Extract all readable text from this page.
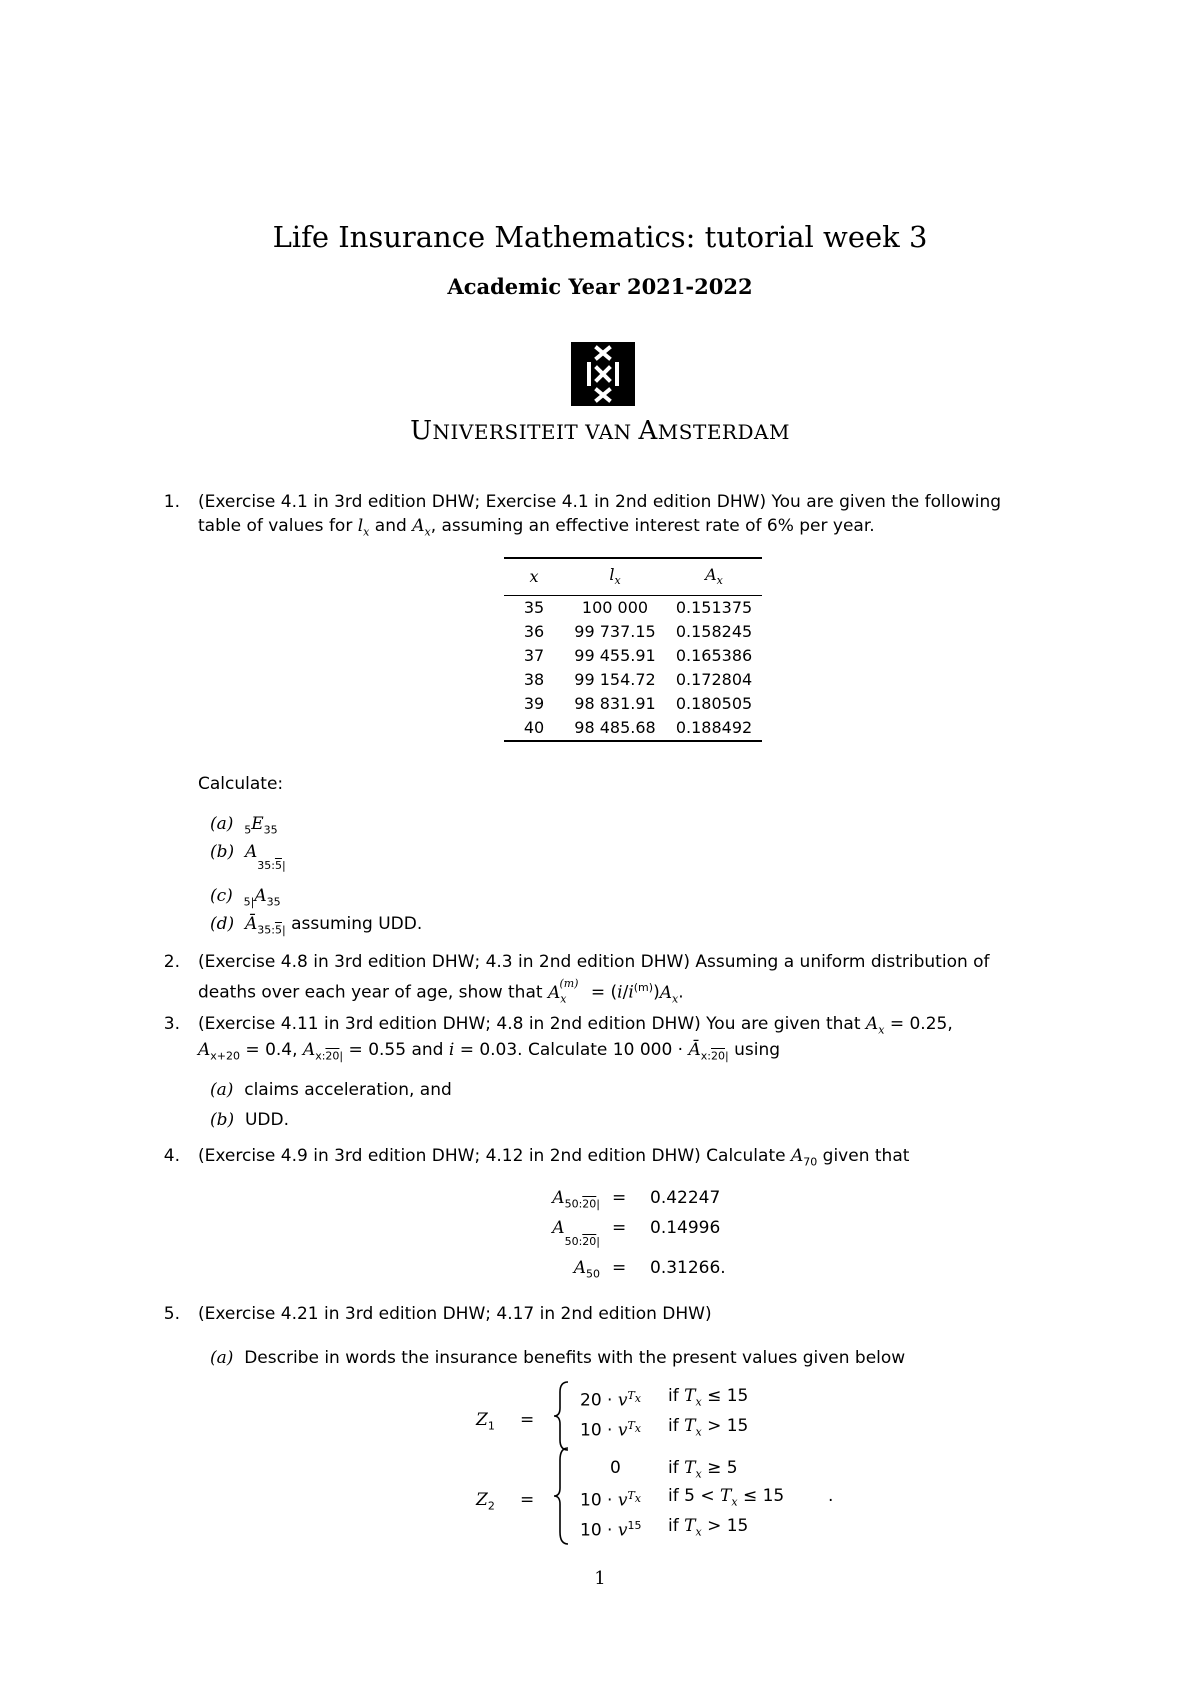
Life Insurance Mathematics: tutorial week 3
Academic Year 2021-2022
UNIVERSITEIT VAN AMSTERDAM
1. (Exercise 4.1 in 3rd edition DHW; Exercise 4.1 in 2nd edition DHW) You are given the following
table of values for $l_x$ and $A_x$, assuming an effective interest rate of 6% per year.
x	$l_x$	$A_x$
35	100 000	0.151375
36	99 737.15	0.158245
37	99 455.91	0.165386
38	99 154.72	0.172804
39	98 831.91	0.180505
40	98 485.68	0.188492
Calculate:
(a) $_5E_{35}$
(b) $A_{35:5|}$
(c) $_{5|}A_{35}$
(d) $Ā_{35:5|}$ assuming UDD.
2. (Exercise 4.8 in 3rd edition DHW; 4.3 in 2nd edition DHW) Assuming a uniform distribution of
deaths over each year of age, show that $A_x^{(m)} = (i/i^{(m)})A_x$.
3. (Exercise 4.11 in 3rd edition DHW; 4.8 in 2nd edition DHW) You are given that $A_x = 0.25$,
$A_{x+20} = 0.4$, $A_{x:20|} = 0.55$ and i = 0.03. Calculate 10 $000 \cdot Ā_{x:20|}$ using
(a) claims acceleration, and
(b) UDD.
4. (Exercise 4.9 in 3rd edition DHW; 4.12 in 2nd edition DHW) Calculate $A_{70}$ given that
$A_{50:20|} = 0.42247$
$A_{50:20|}$
= 0.14996
$A_{50} = 0.31266$.
5. (Exercise 4.21 in 3rd edition DHW; 4.17 in 2nd edition DHW)
(a) Describe in words the insurance benefits with the present values given below
$Z_1$ =
$20 \cdot v^{T_x}$ if $T_x \le 15$
$10 \cdot v^{T_x}$ if $T_x > 15$
$Z_2$ =
0	if $T_x \ge 5$
$10 \cdot v^{T_x}$ if $5 < T_x \le 15$	.
$10 \cdot v^{15}$ if $T_x > 15$
1
